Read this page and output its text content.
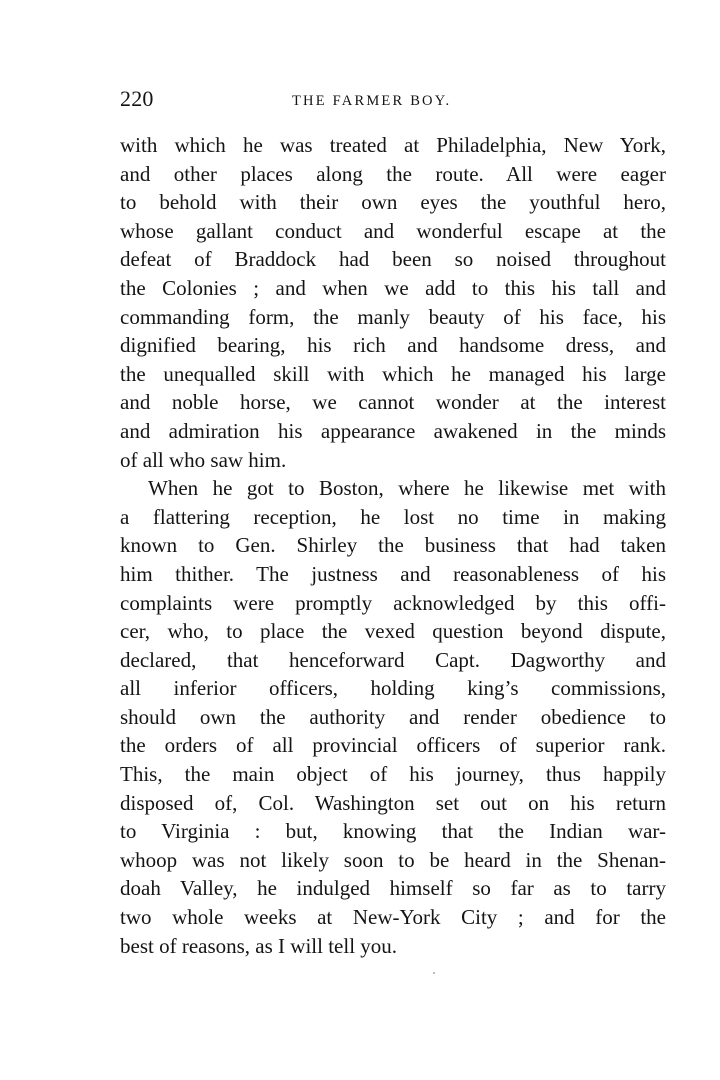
220	THE FARMER BOY.
with which he was treated at Philadelphia, New York,
and other places along the route. All were eager
to behold with their own eyes the youthful hero,
whose gallant conduct and wonderful escape at the
defeat of Braddock had been so noised throughout
the Colonies ; and when we add to this his tall and
commanding form, the manly beauty of his face, his
dignified bearing, his rich and handsome dress, and
the unequalled skill with which he managed his large
and noble horse, we cannot wonder at the interest
and admiration his appearance awakened in the minds
of all who saw him.
When he got to Boston, where he likewise met with
a flattering reception, he lost no time in making
known to Gen. Shirley the business that had taken
him thither. The justness and reasonableness of his
complaints were promptly acknowledged by this offi-
cer, who, to place the vexed question beyond dispute,
declared, that henceforward Capt. Dagworthy and
all inferior officers, holding king’s commissions,
should own the authority and render obedience to
the orders of all provincial officers of superior rank.
This, the main object of his journey, thus happily
disposed of, Col. Washington set out on his return
to Virginia : but, knowing that the Indian war-
whoop was not likely soon to be heard in the Shenan-
doah Valley, he indulged himself so far as to tarry
two whole weeks at New-York City ; and for the
best of reasons, as I will tell you.
